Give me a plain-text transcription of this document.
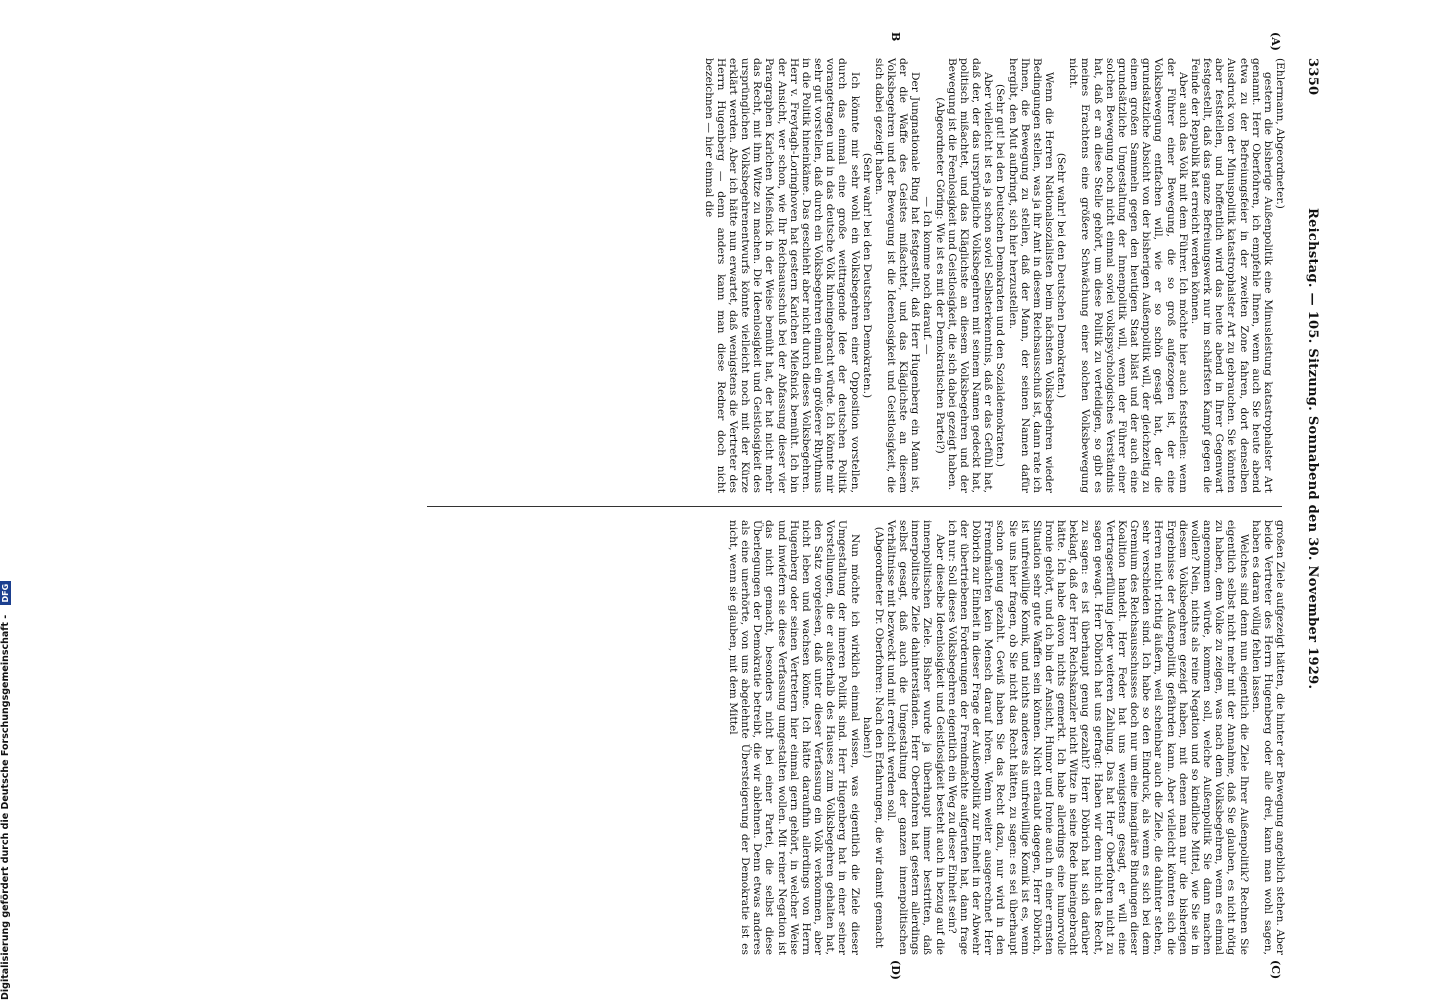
3350
Reichstag. — 105. Sitzung. Sonnabend den 30. November 1929.
(A)
B
(C)
(D)

(Ehlermann, Abgeordneter.)

gestern die bisherige Außenpolitik eine Minusleistung katastrophalster Art genannt. Herr Oberfohren, ich empfehle Ihnen, wenn auch Sie heute abend etwa zu der Befreiungsfeier in der zweiten Zone fahren, dort denselben Ausdruck von der Minuspolitik katastrophalster Art zu gebrauchen. Sie könnten aber feststellen, und hoffentlich wird das heute abend in Ihrer Gegenwart festgestellt, daß das ganze Befreiungswerk nur im schärfsten Kampf gegen die Feinde der Republik hat erreicht werden können.

Aber auch das Volk mit dem Führer. Ich möchte hier auch feststellen: wenn der Führer einer Bewegung, die so groß aufgezogen ist, der eine Volksbewegung entfachen will, wie er so schön gesagt hat, der die grundsätzliche Absicht von der bisherigen Außenpolitik will, der gleichzeitig zu einem großen Sammeln gegen den heutigen Staat bläst und der auch eine grundsätzliche Umgestaltung der Innenpolitik will, wenn der Führer einer solchen Bewegung noch nicht einmal soviel volkspsychologisches Verständnis hat, daß er an diese Stelle gehört, um diese Politik zu verteidigen, so gibt es meines Erachtens eine größere Schwächung einer solchen Volksbewegung nicht.

(Sehr wahr! bei den Deutschen Demokraten.)

Wenn die Herren Nationalsozialisten beim nächsten Volksbegehren wieder Bedingungen stellen, was ja ihr Amt in diesem Reichsausschuß ist, dann rate ich Ihnen, die Bewegung zu stellen, daß der Mann, der seinen Namen dafür hergibt, den Mut aufbringt, sich hier herzustellen.

(Sehr gut! bei den Deutschen Demokraten und den Sozialdemokraten.)

Aber vielleicht ist es ja schon soviel Selbsterkenntnis, daß er das Gefühl hat, daß der, der das ursprüngliche Volksbegehren mit seinem Namen gedeckt hat, politisch mißachtet, und das Kläglichste an diesem Volksbegehren und der Bewegung ist die Feenlosigkeit und Geistlosigkeit, die sich dabei gezeigt haben.

(Abgeordneter Göring: Wie ist es mit der Demokratischen Partei?)

— Ich komme noch darauf. —

Der Jungnationale Ring hat festgestellt, daß Herr Hugenberg ein Mann ist, der die Waffe des Geistes mißachtet, und das Kläglichste an diesem Volksbegehren und der Bewegung ist die Ideenlosigkeit und Geistlosigkeit, die sich dabei gezeigt haben.

(Sehr wahr! bei den Deutschen Demokraten.)

Ich könnte mir sehr wohl ein Volksbegehren einer Opposition vorstellen, durch das einmal eine große weittragende Idee der deutschen Politik vorangetragen und in das deutsche Volk hineingebracht würde. Ich könnte mir sehr gut vorstellen, daß durch ein Volksbegehren einmal ein größerer Rhythmus in die Politik hineinkäme. Das geschieht aber nicht durch dieses Volksbegehren. Herr v. Freytagh-Loringhoven hat gestern Karlchen Mießnick bemüht. Ich bin der Ansicht, wer schon, wie Ihr Reichsausschuß bei der Abfassung dieser vier Paragraphen Karlchen Mießnick in der Weise bemüht hat, der hat nicht mehr das Recht, mit ihm Witze zu machen. Die Ideenlosigkeit und Geistlosigkeit des ursprünglichen Volksbegehrenentwurfs könnte vielleicht noch mit der Kürze erklärt werden. Aber ich hätte nun erwartet, daß wenigstens die Vertreter des Herrn Hugenberg — denn anders kann man diese Redner doch nicht bezeichnen — hier einmal die

großen Ziele aufgezeigt hätten, die hinter der Bewegung angeblich stehen. Aber beide Vertreter des Herrn Hugenberg oder alle drei, kann man wohl sagen, haben es daran völlig fehlen lassen.

Welches sind denn nun eigentlich die Ziele Ihrer Außenpolitik? Rechnen Sie eigentlich selbst nicht mehr mit der Annahme, daß Sie glauben, es nicht nötig zu haben, dem Volke zu zeigen, was nach dem Volksbegehren, wenn es einmal angenommen würde, kommen soll, welche Außenpolitik Sie dann machen wollen? Nein, nichts als reine Negation und so kindliche Mittel, wie Sie sie in diesem Volksbegehren gezeigt haben, mit denen man nur die bisherigen Ergebnisse der Außenpolitik gefährden kann. Aber vielleicht könnten sich die Herren nicht richtig äußern, weil scheinbar auch die Ziele, die dahinter stehen, sehr verschieden sind. Ich habe so den Eindruck, als wenn es sich bei dem Gremium des Reichsausschusses doch nur um eine imaginäre Bindungen dieser Koalition handelt. Herr Feder hat uns wenigstens gesagt, er will eine Vertragserfüllung jeder weiteren Zahlung. Das hat Herr Oberfohren nicht zu sagen gewagt. Herr Döbrich hat uns gefragt: Haben wir denn nicht das Recht, zu sagen: es ist überhaupt genug gezahlt? Herr Döbrich hat sich darüber beklagt, daß der Herr Reichskanzler nicht Witze in seine Rede hineingebracht hätte. Ich habe davon nichts gemerkt. Ich habe allerdings eine humorvolle Ironie gehört, und ich bin der Ansicht, Humor und Ironie auch in einer ernsten Situation sehr gute Waffen sein können. Nicht erlaubt dagegen, Herr Döbrich, ist unfreiwillige Komik, und nichts anderes als unfreiwillige Komik ist es, wenn Sie uns hier fragen, ob Sie nicht das Recht hätten, zu sagen: es sei überhaupt schon genug gezahlt. Gewiß haben Sie das Recht dazu, nur wird in den Fremdmächten kein Mensch darauf hören. Wenn weiter ausgerechnet Herr Döbrich zur Einheit in dieser Frage der Außenpolitik zur Einheit in der Abwehr der übertriebenen Forderungen der Fremdmächte aufgerufen hat, dann frage ich nur: Soll dieses Volksbegehren eigentlich ein Weg zu dieser Einheit sein?

Aber dieselbe Ideenlosigkeit und Geistlosigkeit besteht auch in bezug auf die innenpolitischen Ziele. Bisher wurde ja überhaupt immer bestritten, daß innerpolitische Ziele dahinterständen. Herr Oberfohren hat gestern allerdings selbst gesagt, daß auch die Umgestaltung der ganzen innenpolitischen Verhältnisse mit bezweckt und mit erreicht werden soll.

(Abgeordneter Dr. Oberfohren: Nach den Erfahrungen, die wir damit gemacht haben!)

Nun möchte ich wirklich einmal wissen, was eigentlich die Ziele dieser Umgestaltung der inneren Politik sind. Herr Hugenberg hat in einer seiner Vorstellungen, die er außerhalb des Hauses zum Volksbegehren gehalten hat, den Satz vorgelesen, daß unter dieser Verfassung ein Volk verkommen, aber nicht leben und wachsen könne. Ich hätte daraufhin allerdings von Herrn Hugenberg oder seinen Vertretern hier einmal gern gehört, in welcher Weise und inwiefern sie diese Verfassung umgestalten wollen. Mit reiner Negation ist das nicht gemacht, besonders nicht bei einer Partei, die selbst diese Überlegungen der Demokratie betreibt, die wir ablehnen. Denn etwas anderes als eine unerhörte, von uns abgelehnte Übersteigerung der Demokratie ist es nicht, wenn sie glauben, mit dem Mittel

Digitalisierung gefördert durch die Deutsche Forschungsgemeinschaft - DFG
